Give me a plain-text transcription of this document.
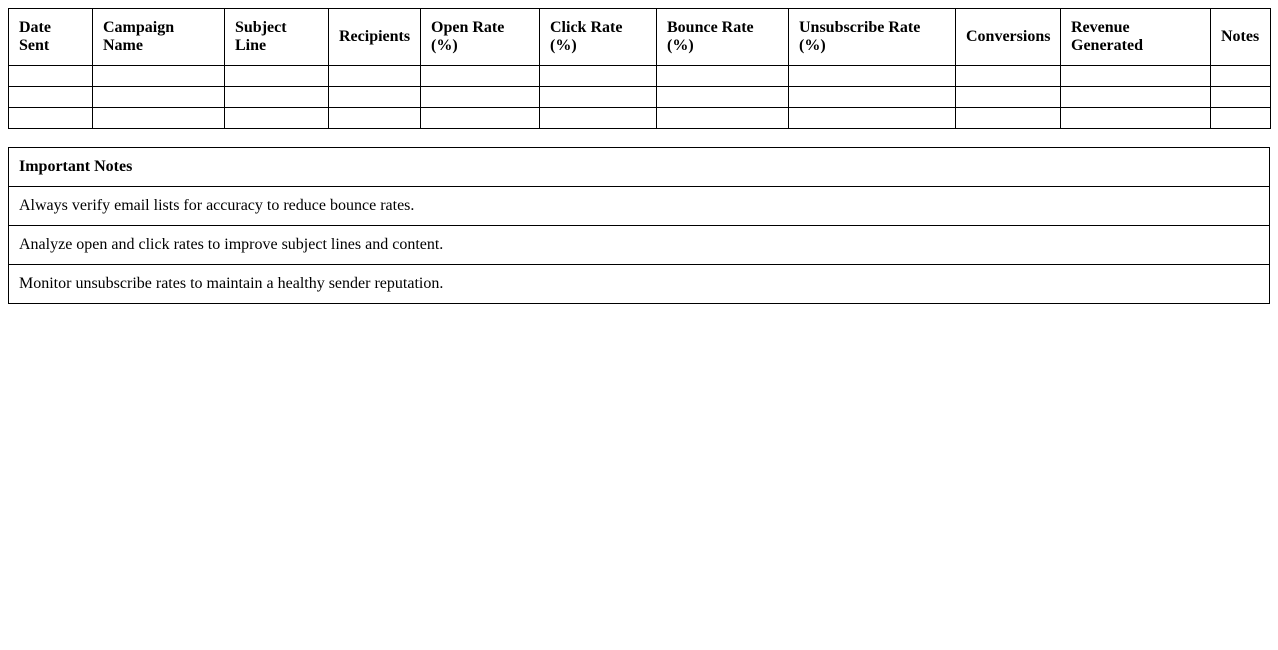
Date Sent	Campaign Name	Subject Line	Recipients	Open Rate (%)	Click Rate (%)	Bounce Rate (%)	Unsubscribe Rate (%)	Conversions	Revenue Generated	Notes

Important Notes
Always verify email lists for accuracy to reduce bounce rates.
Analyze open and click rates to improve subject lines and content.
Monitor unsubscribe rates to maintain a healthy sender reputation.
